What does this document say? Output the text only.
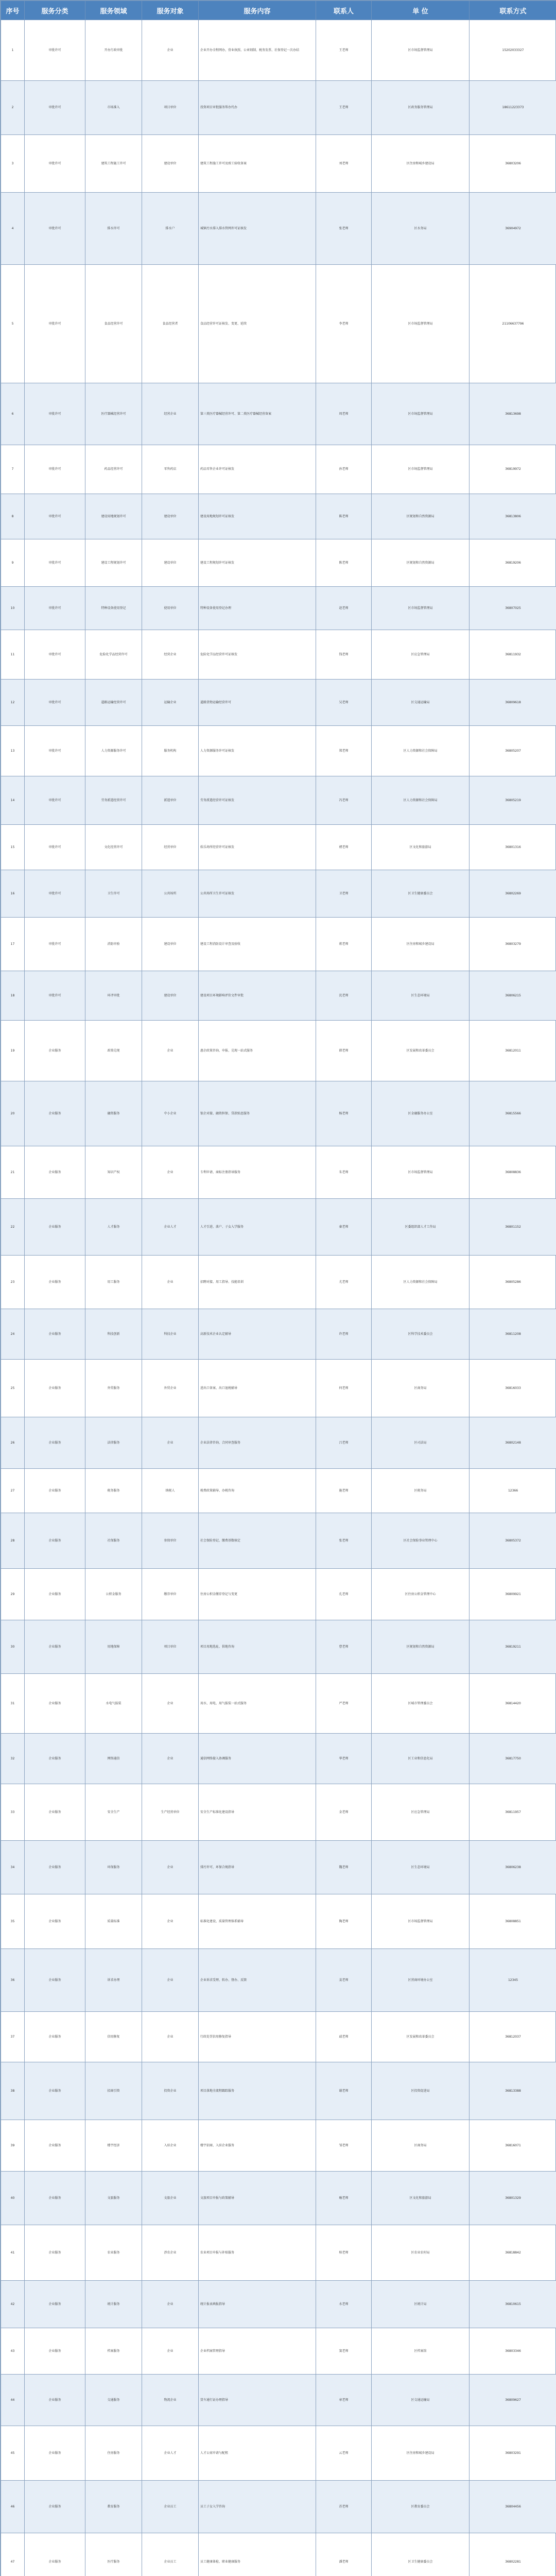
序号	服务分类	服务领域	服务对象	服务内容	联系人	单 位	联系方式
1	审批许可	开办行政审批	企业	企业开办全程网办，营业执照、公章刻制、税务发票、社保登记一次办结	王老师	区市场监督管理局	15202033327
2	审批许可	市场准入	项目单位	投资项目审批服务帮办代办	王老师	区政务服务管理局	18611223373
3	审批许可	建筑工程施工许可	建设单位	建筑工程施工许可及竣工验收备案	刘老师	区住房和城乡建设局	36803206
4	审批许可	排水许可	排水户	城镇污水排入排水管网许可证核发	张老师	区水务局	36904972
5	审批许可	食品经营许可	食品经营者	食品经营许可证核发、变更、延续	李老师	区市场监督管理局	21106637796
6	审批许可	医疗器械经营许可	经营企业	第三类医疗器械经营许可、第二类医疗器械经营备案	周老师	区市场监督管理局	36813698
7	审批许可	药品经营许可	零售药店	药品零售企业许可证核发	孙老师	区市场监督管理局	36819972
8	审批许可	建设用地规划许可	建设单位	建设用地规划许可证核发	陈老师	区规划和自然资源局	36813806
9	审批许可	建设工程规划许可	建设单位	建设工程规划许可证核发	陈老师	区规划和自然资源局	36819206
10	审批许可	特种设备使用登记	使用单位	特种设备使用登记办理	赵老师	区市场监督管理局	36807025
11	审批许可	危险化学品经营许可	经营企业	危险化学品经营许可证核发	钱老师	区应急管理局	36811932
12	审批许可	道路运输经营许可	运输企业	道路货物运输经营许可	吴老师	区交通运输局	36809618
13	审批许可	人力资源服务许可	服务机构	人力资源服务许可证核发	郑老师	区人力资源和社会保障局	36805207
14	审批许可	劳务派遣经营许可	派遣单位	劳务派遣经营许可证核发	冯老师	区人力资源和社会保障局	36805219
15	审批许可	文化经营许可	经营单位	娱乐场所经营许可证核发	褚老师	区文化和旅游局	36801316
16	审批许可	卫生许可	公共场所	公共场所卫生许可证核发	卫老师	区卫生健康委员会	36802269
17	审批许可	消防审验	建设单位	建设工程消防设计审查及验收	蒋老师	区住房和城乡建设局	36803279
18	审批许可	环评审批	建设单位	建设项目环境影响评价文件审批	沈老师	区生态环境局	36806215
19	企业服务	政策兑现	企业	惠企政策咨询、申报、兑现一站式服务	韩老师	区发展和改革委员会	36812011
20	企业服务	融资服务	中小企业	银企对接、融资担保、贷款贴息服务	杨老师	区金融服务办公室	36815566
21	企业服务	知识产权	企业	专利申请、商标注册指导服务	朱老师	区市场监督管理局	36808836
22	企业服务	人才服务	企业人才	人才引进、落户、子女入学服务	秦老师	区委组织部人才工作局	36801152
23	企业服务	用工服务	企业	招聘对接、用工指导、技能培训	尤老师	区人力资源和社会保障局	36805286
24	企业服务	科技创新	科技企业	高新技术企业认定辅导	许老师	区科学技术委员会	36811208
25	企业服务	外贸服务	外贸企业	进出口备案、出口退税辅导	何老师	区商务局	36816033
26	企业服务	法律服务	企业	企业法律咨询、合同审查服务	吕老师	区司法局	36802148
27	企业服务	税务服务	纳税人	税费政策辅导、办税咨询	施老师	区税务局	12366
28	企业服务	社保服务	参保单位	社会保险登记、缴费基数核定	张老师	区社会保险事业管理中心	36805372
29	企业服务	公积金服务	缴存单位	住房公积金缴存登记与变更	孔老师	区住房公积金管理中心	36809921
30	企业服务	用地保障	项目单位	项目用地选址、供地咨询	曹老师	区规划和自然资源局	36819211
31	企业服务	水电气报装	企业	用水、用电、用气报装一站式服务	严老师	区城市管理委员会	36814420
32	企业服务	网络通信	企业	通信网络接入协调服务	华老师	区工业和信息化局	36817750
33	企业服务	安全生产	生产经营单位	安全生产标准化建设指导	金老师	区应急管理局	36811957
34	企业服务	环保服务	企业	排污许可、环保合规指导	魏老师	区生态环境局	36806238
35	企业服务	质量标准	企业	标准化建设、质量管理体系辅导	陶老师	区市场监督管理局	36808851
36	企业服务	诉求办理	企业	企业诉求受理、转办、督办、反馈	姜老师	区营商环境办公室	12345
37	企业服务	信用修复	企业	行政处罚信用修复指导	戚老师	区发展和改革委员会	36812037
38	企业服务	招商引资	投资企业	项目落地全流程跟踪服务	谢老师	区投资促进局	36813388
39	企业服务	楼宇经济	入驻企业	楼宇招商、入驻企业服务	邹老师	区商务局	36816071
40	企业服务	文旅服务	文旅企业	文旅项目申报与政策辅导	喻老师	区文化和旅游局	36801329
41	企业服务	农业服务	涉农企业	农业项目申报与补贴服务	柏老师	区农业农村局	36818842
42	企业服务	统计服务	企业	统计报表填报指导	水老师	区统计局	36810615
43	企业服务	档案服务	企业	企业档案管理指导	窦老师	区档案馆	36803346
44	企业服务	交通服务	物流企业	货车通行证办理指导	章老师	区交通运输局	36809627
45	企业服务	住房服务	企业人才	人才公寓申请与配租	云老师	区住房和城乡建设局	36803291
46	企业服务	教育服务	企业员工	员工子女入学咨询	苏老师	区教育委员会	36804456
47	企业服务	医疗服务	企业员工	员工健康体检、职业健康服务	潘老师	区卫生健康委员会	36802281
